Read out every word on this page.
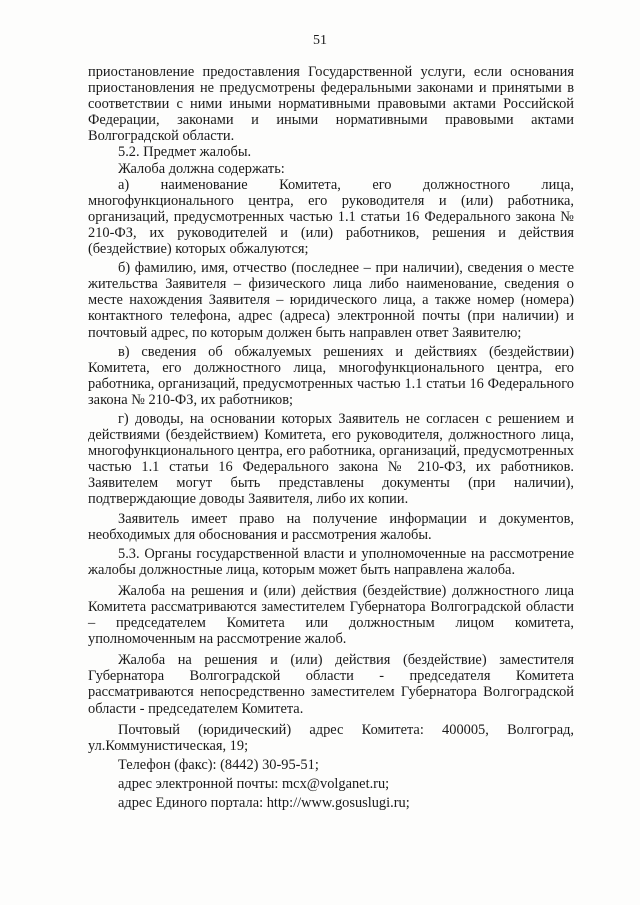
51

приостановление предоставления Государственной услуги, если основания приостановления не предусмотрены федеральными законами и принятыми в соответствии с ними иными нормативными правовыми актами Российской Федерации, законами и иными нормативными правовыми актами Волгоградской области.

5.2. Предмет жалобы.

Жалоба должна содержать:

а) наименование Комитета, его должностного лица, многофункционального центра, его руководителя и (или) работника, организаций, предусмотренных частью 1.1 статьи 16 Федерального закона № 210-ФЗ, их руководителей и (или) работников, решения и действия (бездействие) которых обжалуются;

б) фамилию, имя, отчество (последнее – при наличии), сведения о месте жительства Заявителя – физического лица либо наименование, сведения о месте нахождения Заявителя – юридического лица, а также номер (номера) контактного телефона, адрес (адреса) электронной почты (при наличии) и почтовый адрес, по которым должен быть направлен ответ Заявителю;

в) сведения об обжалуемых решениях и действиях (бездействии) Комитета, его должностного лица, многофункционального центра, его работника, организаций, предусмотренных частью 1.1 статьи 16 Федерального закона № 210-ФЗ, их работников;

г) доводы, на основании которых Заявитель не согласен с решением и действиями (бездействием) Комитета, его руководителя, должностного лица, многофункционального центра, его работника, организаций, предусмотренных частью 1.1 статьи 16 Федерального закона № 210-ФЗ, их работников. Заявителем могут быть представлены документы (при наличии), подтверждающие доводы Заявителя, либо их копии.

Заявитель имеет право на получение информации и документов, необходимых для обоснования и рассмотрения жалобы.

5.3. Органы государственной власти и уполномоченные на рассмотрение жалобы должностные лица, которым может быть направлена жалоба.

Жалоба на решения и (или) действия (бездействие) должностного лица Комитета рассматриваются заместителем Губернатора Волгоградской области – председателем Комитета или должностным лицом комитета, уполномоченным на рассмотрение жалоб.

Жалоба на решения и (или) действия (бездействие) заместителя Губернатора Волгоградской области - председателя Комитета рассматриваются непосредственно заместителем Губернатора Волгоградской области - председателем Комитета.

Почтовый (юридический) адрес Комитета: 400005, Волгоград, ул.Коммунистическая, 19;

Телефон (факс): (8442) 30-95-51;

адрес электронной почты: mcx@volganet.ru;

адрес Единого портала: http://www.gosuslugi.ru;
